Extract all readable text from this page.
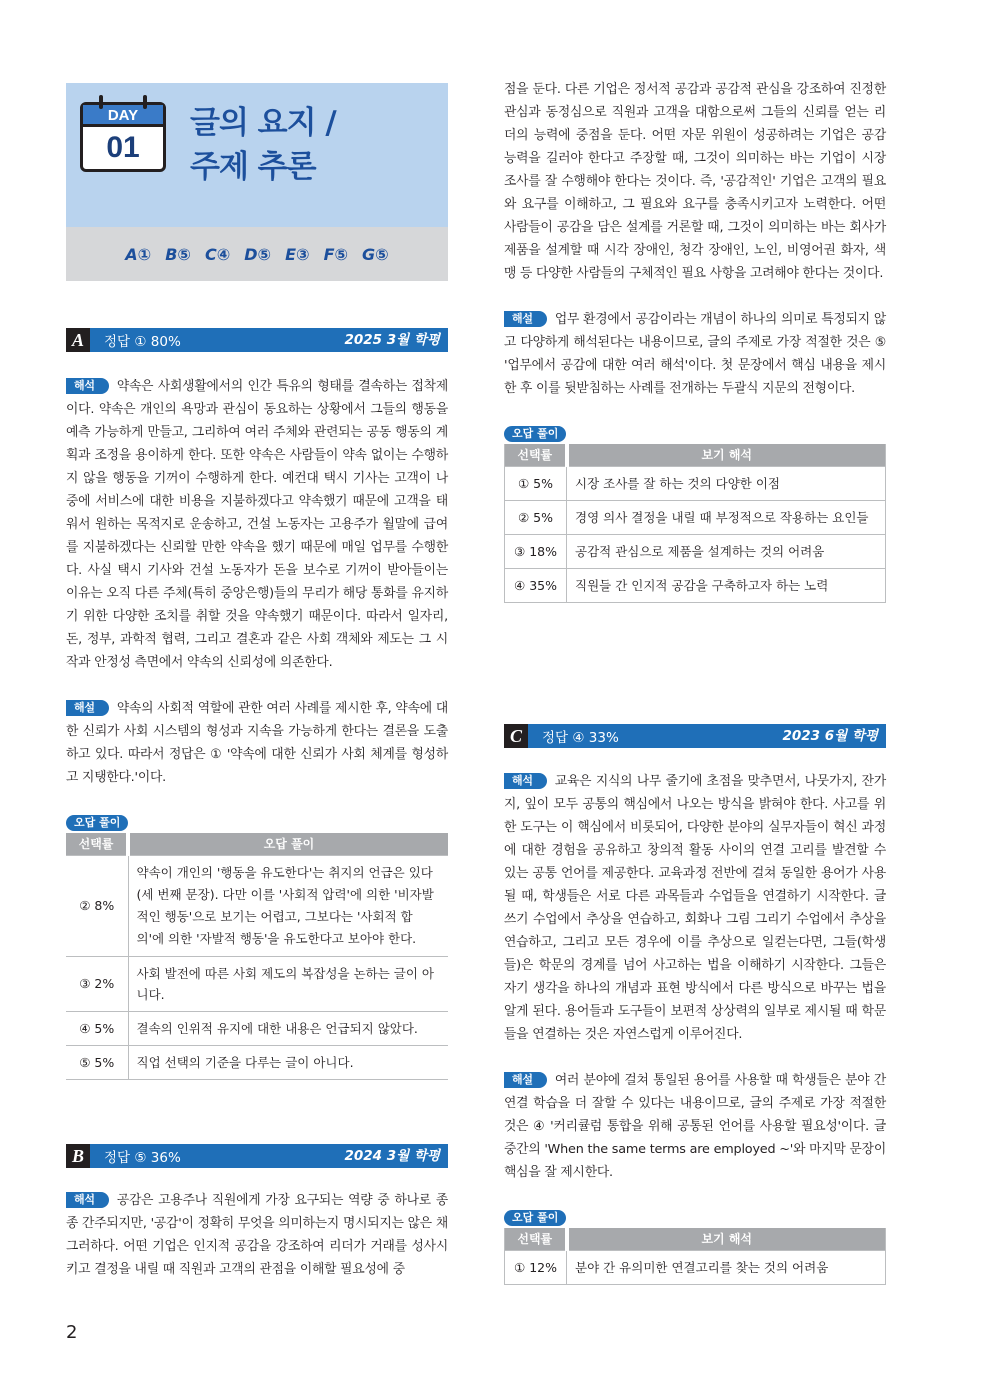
DAY
01
글의 요지 /
주제 추론
A① B⑤ C④ D⑤ E③ F⑤ G⑤
A	정답 ① 80%	2025 3월 학평

해석 약속은 사회생활에서의 인간 특유의 형태를 결속하는 접착제이다. 약속은 개인의 욕망과 관심이 동요하는 상황에서 그들의 행동을 예측 가능하게 만들고, 그리하여 여러 주체와 관련되는 공동 행동의 계획과 조정을 용이하게 한다. 또한 약속은 사람들이 약속 없이는 수행하지 않을 행동을 기꺼이 수행하게 한다. 예컨대 택시 기사는 고객이 나중에 서비스에 대한 비용을 지불하겠다고 약속했기 때문에 고객을 태워서 원하는 목적지로 운송하고, 건설 노동자는 고용주가 월말에 급여를 지불하겠다는 신뢰할 만한 약속을 했기 때문에 매일 업무를 수행한다. 사실 택시 기사와 건설 노동자가 돈을 보수로 기꺼이 받아들이는 이유는 오직 다른 주체(특히 중앙은행)들의 무리가 해당 통화를 유지하기 위한 다양한 조치를 취할 것을 약속했기 때문이다. 따라서 일자리, 돈, 정부, 과학적 협력, 그리고 결혼과 같은 사회 객체와 제도는 그 시작과 안정성 측면에서 약속의 신뢰성에 의존한다.

해설 약속의 사회적 역할에 관한 여러 사례를 제시한 후, 약속에 대한 신뢰가 사회 시스템의 형성과 지속을 가능하게 한다는 결론을 도출하고 있다. 따라서 정답은 ① '약속에 대한 신뢰가 사회 체계를 형성하고 지탱한다.'이다.

오답 풀이
선택률	오답 풀이
② 8%	약속이 개인의 '행동을 유도한다'는 취지의 언급은 있다(세 번째 문장). 다만 이를 '사회적 압력'에 의한 '비자발적인 행동'으로 보기는 어렵고, 그보다는 '사회적 합의'에 의한 '자발적 행동'을 유도한다고 보아야 한다.
③ 2%	사회 발전에 따른 사회 제도의 복잡성을 논하는 글이 아니다.
④ 5%	결속의 인위적 유지에 대한 내용은 언급되지 않았다.
⑤ 5%	직업 선택의 기준을 다루는 글이 아니다.
B	정답 ⑤ 36%	2024 3월 학평

해석 공감은 고용주나 직원에게 가장 요구되는 역량 중 하나로 종종 간주되지만, '공감'이 정확히 무엇을 의미하는지 명시되지는 않은 채 그러하다. 어떤 기업은 인지적 공감을 강조하여 리더가 거래를 성사시키고 결정을 내릴 때 직원과 고객의 관점을 이해할 필요성에 중

점을 둔다. 다른 기업은 정서적 공감과 공감적 관심을 강조하여 진정한 관심과 동정심으로 직원과 고객을 대함으로써 그들의 신뢰를 얻는 리더의 능력에 중점을 둔다. 어떤 자문 위원이 성공하려는 기업은 공감 능력을 길러야 한다고 주장할 때, 그것이 의미하는 바는 기업이 시장 조사를 잘 수행해야 한다는 것이다. 즉, '공감적인' 기업은 고객의 필요와 요구를 이해하고, 그 필요와 요구를 충족시키고자 노력한다. 어떤 사람들이 공감을 담은 설계를 거론할 때, 그것이 의미하는 바는 회사가 제품을 설계할 때 시각 장애인, 청각 장애인, 노인, 비영어권 화자, 색맹 등 다양한 사람들의 구체적인 필요 사항을 고려해야 한다는 것이다.

해설 업무 환경에서 공감이라는 개념이 하나의 의미로 특정되지 않고 다양하게 해석된다는 내용이므로, 글의 주제로 가장 적절한 것은 ⑤ '업무에서 공감에 대한 여러 해석'이다. 첫 문장에서 핵심 내용을 제시한 후 이를 뒷받침하는 사례를 전개하는 두괄식 지문의 전형이다.

오답 풀이
선택률	보기 해석
① 5%	시장 조사를 잘 하는 것의 다양한 이점
② 5%	경영 의사 결정을 내릴 때 부정적으로 작용하는 요인들
③ 18%	공감적 관심으로 제품을 설계하는 것의 어려움
④ 35%	직원들 간 인지적 공감을 구축하고자 하는 노력
C	정답 ④ 33%	2023 6월 학평

해석 교육은 지식의 나무 줄기에 초점을 맞추면서, 나뭇가지, 잔가지, 잎이 모두 공통의 핵심에서 나오는 방식을 밝혀야 한다. 사고를 위한 도구는 이 핵심에서 비롯되어, 다양한 분야의 실무자들이 혁신 과정에 대한 경험을 공유하고 창의적 활동 사이의 연결 고리를 발견할 수 있는 공통 언어를 제공한다. 교육과정 전반에 걸쳐 동일한 용어가 사용될 때, 학생들은 서로 다른 과목들과 수업들을 연결하기 시작한다. 글쓰기 수업에서 추상을 연습하고, 회화나 그림 그리기 수업에서 추상을 연습하고, 그리고 모든 경우에 이를 추상으로 일컫는다면, 그들(학생들)은 학문의 경계를 넘어 사고하는 법을 이해하기 시작한다. 그들은 자기 생각을 하나의 개념과 표현 방식에서 다른 방식으로 바꾸는 법을 알게 된다. 용어들과 도구들이 보편적 상상력의 일부로 제시될 때 학문들을 연결하는 것은 자연스럽게 이루어진다.

해설 여러 분야에 걸쳐 통일된 용어를 사용할 때 학생들은 분야 간 연결 학습을 더 잘할 수 있다는 내용이므로, 글의 주제로 가장 적절한 것은 ④ '커리큘럼 통합을 위해 공통된 언어를 사용할 필요성'이다. 글 중간의 'When the same terms are employed ~'와 마지막 문장이 핵심을 잘 제시한다.

오답 풀이
선택률	보기 해석
① 12%	분야 간 유의미한 연결고리를 찾는 것의 어려움
2
